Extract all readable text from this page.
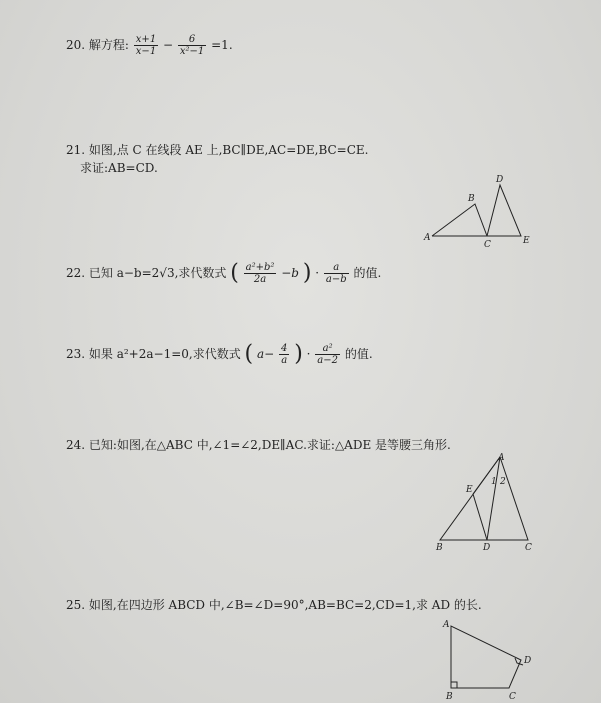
20. 解方程: $\frac{x+1}{x-1} - \frac{6}{\text{x²−1}} =1$.
21. 如图,点 C 在线段 AE 上,BC∥DE,AC=DE,BC=CE.
求证:AB=CD.
A
B
C
D
E
22. 已知 a−b=2√3,求代数式 ( $\frac{\text{a²+b²}}{2a} -b$ ) · $\frac{a}{a-b}$ 的值.
23. 如果 a²+2a−1=0,求代数式 ( $a- \frac{4}{a}$ ) · $\frac{\text{a²}}{a-2}$ 的值.
24. 已知:如图,在△ABC 中,∠1=∠2,DE∥AC.求证:△ADE 是等腰三角形.
A
B	C
D
E
1 2
25. 如图,在四边形 ABCD 中,∠B=∠D=90°,AB=BC=2,CD=1,求 AD 的长.
A
B	C
D
